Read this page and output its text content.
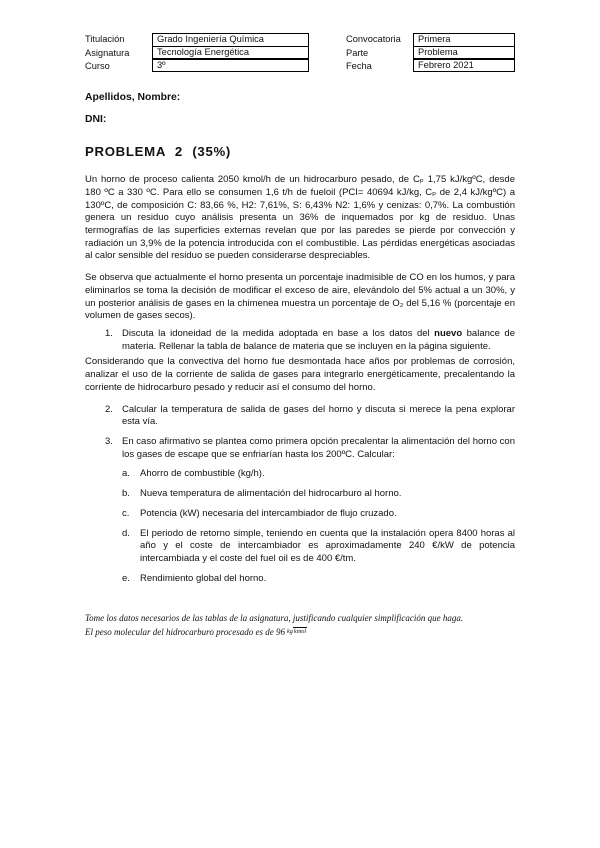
Titulación	Grado Ingeniería Química
Asignatura	Tecnología Energética
Curso	3º
Convocatoria	Primera
Parte	Problema
Fecha	Febrero 2021
Apellidos, Nombre:
DNI:
PROBLEMA 2 (35%)
Un horno de proceso calienta 2050 kmol/h de un hidrocarburo pesado, de Cₚ 1,75 kJ/kgºC, desde 180 ºC a 330 ºC. Para ello se consumen 1,6 t/h de fueloil (PCI= 40694 kJ/kg, Cₚ de 2,4 kJ/kgºC) a 130ºC, de composición C: 83,66 %, H2: 7,61%, S: 6,43% N2: 1,6% y cenizas: 0,7%. La combustión genera un residuo cuyo análisis presenta un 36% de inquemados por kg de residuo. Unas termografías de las superficies externas revelan que por las paredes se pierde por convección y radiación un 3,9% de la potencia introducida con el combustible. Las pérdidas energéticas asociadas al calor sensible del residuo se pueden considerarse despreciables.
Se observa que actualmente el horno presenta un porcentaje inadmisible de CO en los humos, y para eliminarlos se toma la decisión de modificar el exceso de aire, elevándolo del 5% actual a un 30%, y un posterior análisis de gases en la chimenea muestra un porcentaje de O₂ del 5,16 % (porcentaje en volumen de gases secos).
1. Discuta la idoneidad de la medida adoptada en base a los datos del nuevo balance de materia. Rellenar la tabla de balance de materia que se incluyen en la página siguiente.
Considerando que la convectiva del horno fue desmontada hace años por problemas de corrosión, analizar el uso de la corriente de salida de gases para integrarlo energéticamente, precalentando la corriente de hidrocarburo pesado y reducir así el consumo del horno.
2. Calcular la temperatura de salida de gases del horno y discuta si merece la pena explorar esta vía.
3. En caso afirmativo se plantea como primera opción precalentar la alimentación del horno con los gases de escape que se enfriarían hasta los 200ºC. Calcular:
a.	Ahorro de combustible (kg/h).
b.	Nueva temperatura de alimentación del hidrocarburo al horno.
c.	Potencia (kW) necesaria del intercambiador de flujo cruzado.
d.	El periodo de retorno simple, teniendo en cuenta que la instalación opera 8400 horas al año y el coste de intercambiador es aproximadamente 240 €/kW de potencia intercambiada y el coste del fuel oil es de 400 €/tm.
e.	Rendimiento global del horno.
Tome los datos necesarios de las tablas de la asignatura, justificando cualquier simplificación que haga.
El peso molecular del hidrocarburo procesado es de 96 kgkmol
